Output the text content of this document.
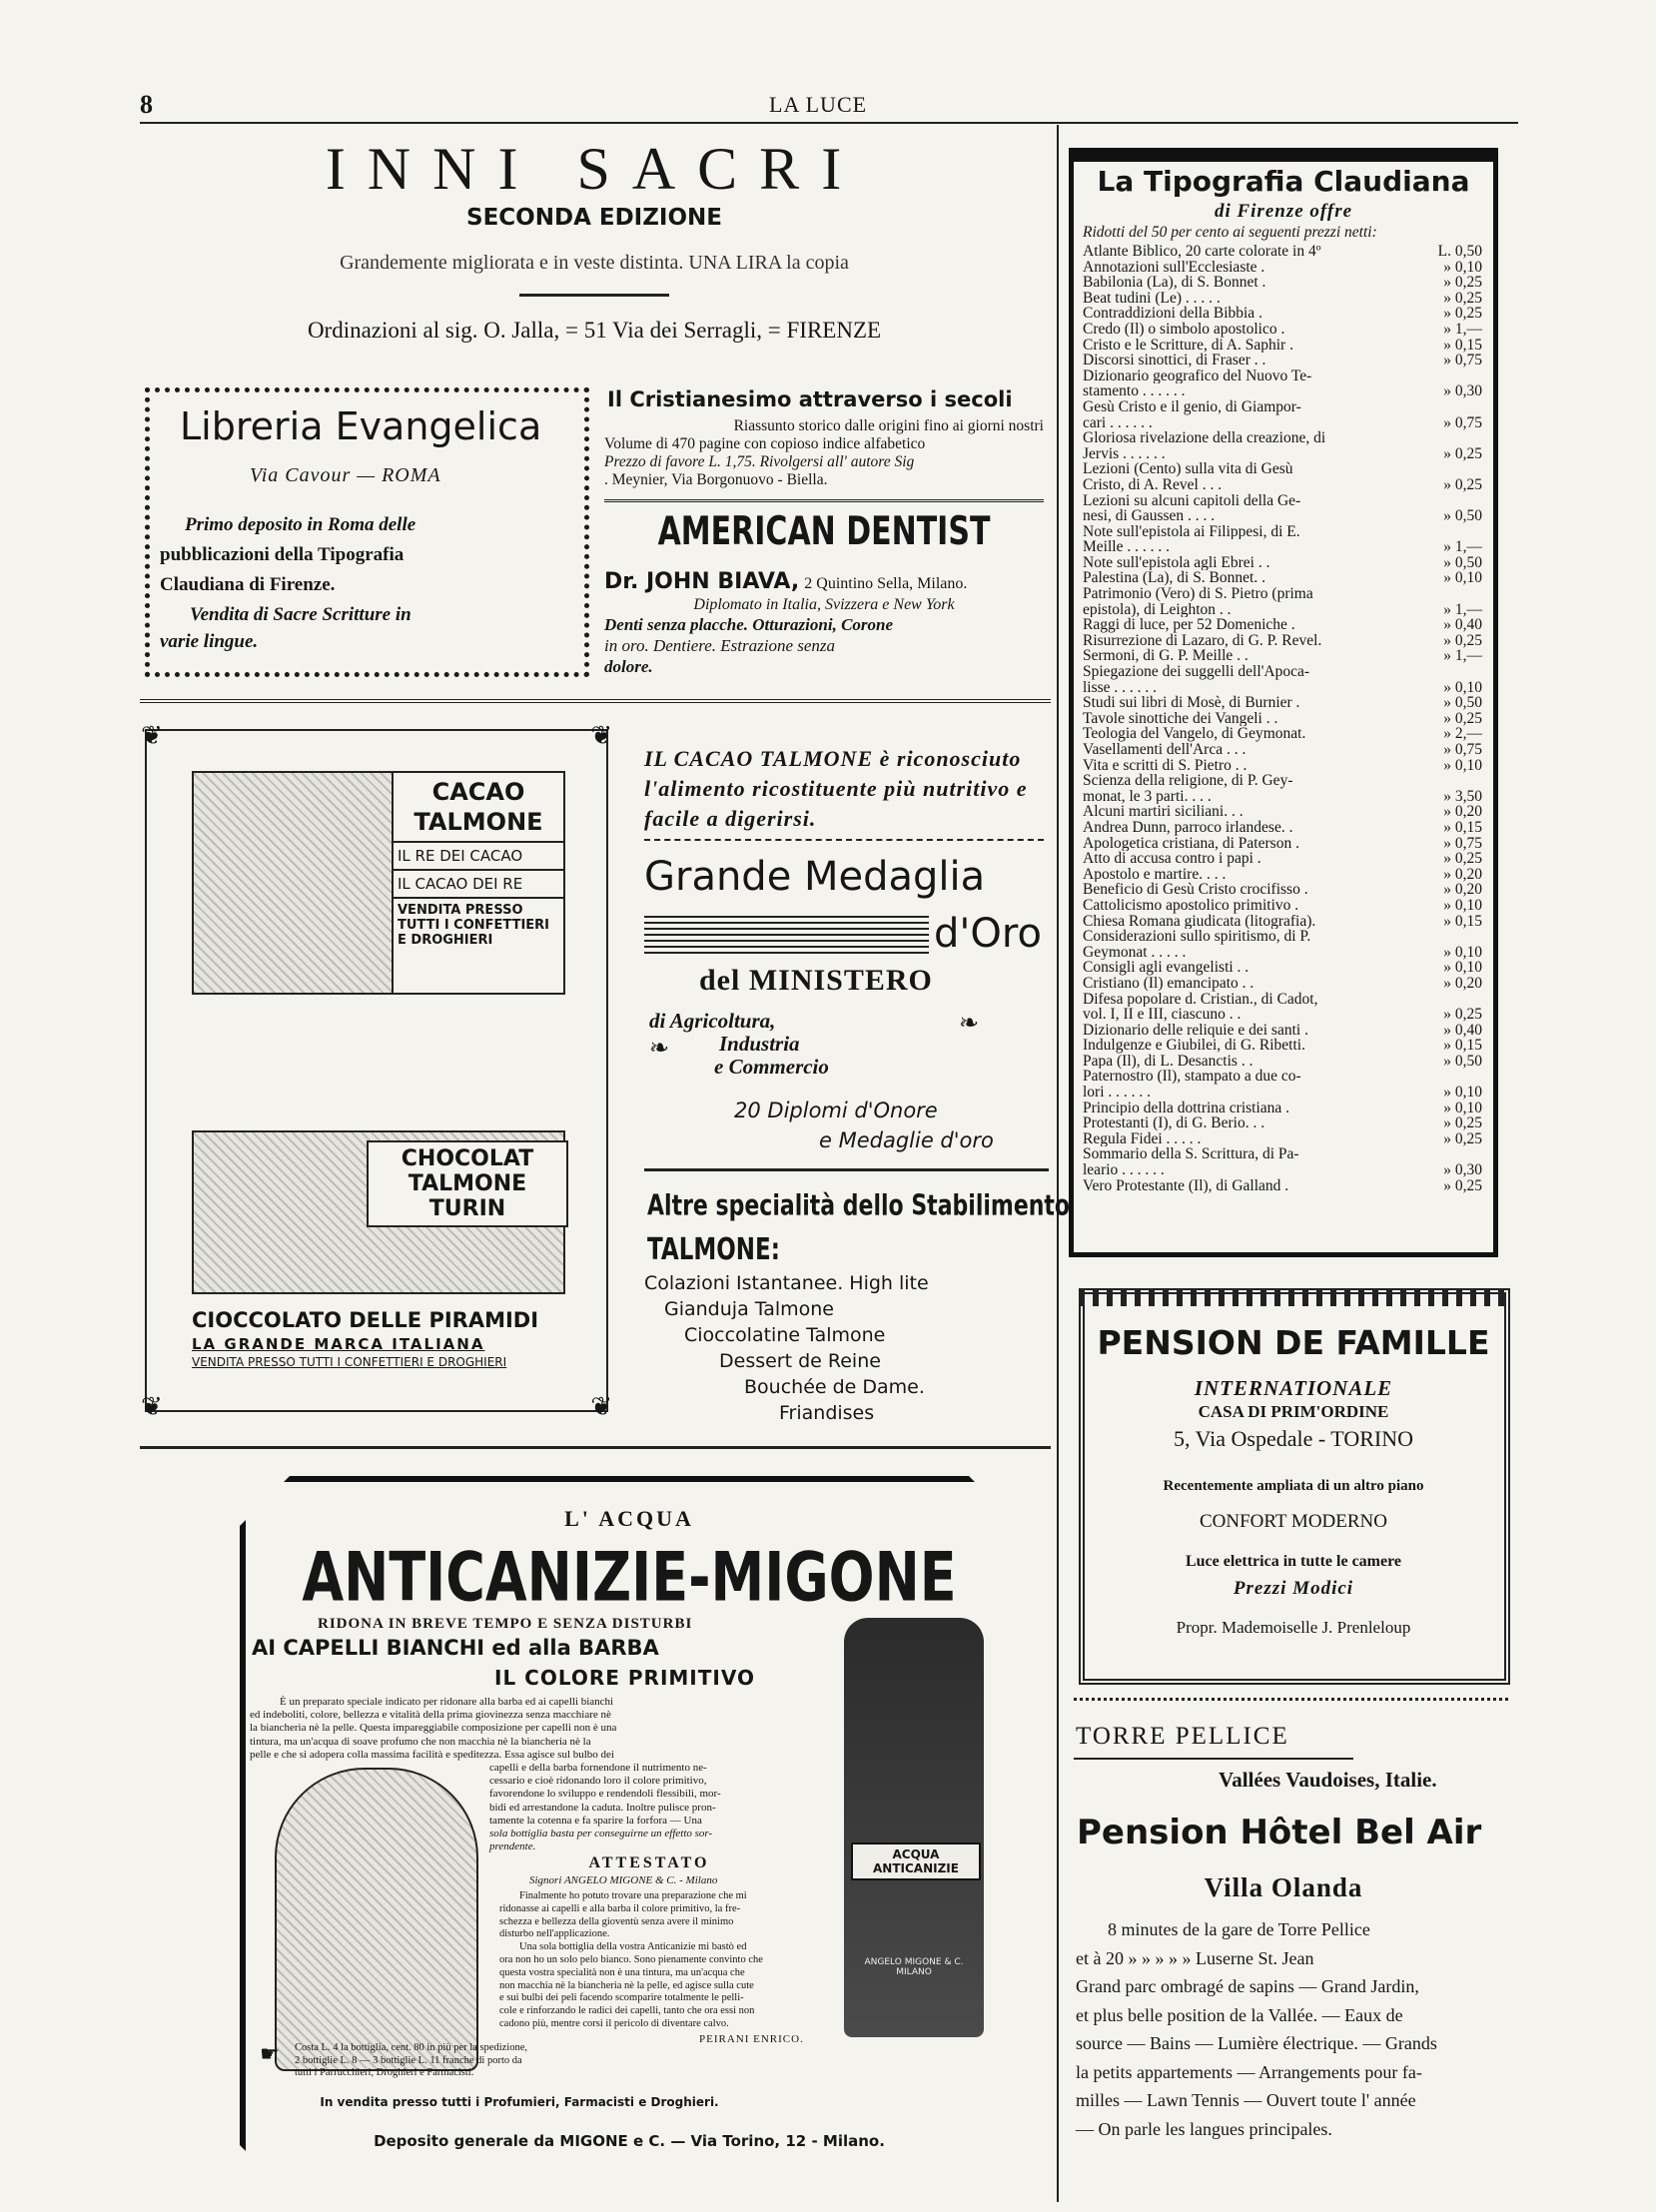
8	LA LUCE
INNI SACRI
SECONDA EDIZIONE
Grandemente migliorata e in veste distinta. UNA LIRA la copia
Ordinazioni al sig. O. Jalla, = 51 Via dei Serragli, = FIRENZE
Libreria Evangelica
Via Cavour — ROMA
Primo deposito in Roma delle
pubblicazioni della Tipografia
Claudiana di Firenze.
Vendita di Sacre Scritture in
varie lingue.
Il Cristianesimo attraverso i secoli
Riassunto storico dalle origini fino ai giorni nostri
Volume di 470 pagine con copioso indice alfabetico
Prezzo di favore L. 1,75. Rivolgersi all' autore Sig
. Meynier, Via Borgonuovo - Biella.
AMERICAN DENTIST
Dr. JOHN BIAVA, 2 Quintino Sella, Milano.
Diplomato in Italia, Svizzera e New York
Denti senza placche. Otturazioni, Corone
in oro. Dentiere. Estrazione senza
dolore.
❦	❦
❦	❦
CACAO TALMONE
IL RE DEI CACAO
IL CACAO DEI RE
VENDITA PRESSO TUTTI I CONFETTIERI E DROGHIERI
CHOCOLAT TALMONE TURIN
CIOCCOLATO DELLE PIRAMIDI
LA GRANDE MARCA ITALIANA
VENDITA PRESSO TUTTI I CONFETTIERI E DROGHIERI
IL CACAO TALMONE è riconosciuto l'alimento ricostituente più nutritivo e facile a digerirsi.
Grande Medaglia
d'Oro
del MINISTERO
di Agricoltura,
Industria
e Commercio
❧
❧
20 Diplomi d'Onore
e Medaglie d'oro
Altre specialità dello Stabilimento
TALMONE:
Colazioni Istantanee. High lite
Gianduja Talmone
Cioccolatine Talmone
Dessert de Reine
Bouchée de Dame.
Friandises
L' ACQUA
ANTICANIZIE-MIGONE
RIDONA IN BREVE TEMPO E SENZA DISTURBI
AI CAPELLI BIANCHI ed alla BARBA
IL COLORE PRIMITIVO
È un preparato speciale indicato per ridonare alla barba ed ai capelli bianchi
ed indeboliti, colore, bellezza e vitalità della prima giovinezza senza macchiare nè
la biancheria nè la pelle. Questa impareggiabile composizione per capelli non è una
tintura, ma un'acqua di soave profumo che non macchia nè la biancheria nè la
pelle e che si adopera colla massima facilità e speditezza. Essa agisce sul bulbo dei
capelli e della barba fornendone il nutrimento ne-
cessario e cioè ridonando loro il colore primitivo,
favorendone lo sviluppo e rendendoli flessibili, mor-
bidi ed arrestandone la caduta. Inoltre pulisce pron-
tamente la cotenna e fa sparire la forfora — Una
sola bottiglia basta per conseguirne un effetto sor-
prendente.
ATTESTATO
Signori ANGELO MIGONE & C. - Milano
Finalmente ho potuto trovare una preparazione che mi
ridonasse ai capelli e alla barba il colore primitivo, la fre-
schezza e bellezza della gioventù senza avere il minimo
disturbo nell'applicazione.
Una sola bottiglia della vostra Anticanizie mi bastò ed
ora non ho un solo pelo bianco. Sono pienamente convinto che
questa vostra specialità non è una tintura, ma un'acqua che
non macchia nè la biancheria nè la pelle, ed agisce sulla cute
e sui bulbi dei peli facendo scomparire totalmente le pelli-
cole e rinforzando le radici dei capelli, tanto che ora essi non
cadono più, mentre corsi il pericolo di diventare calvo.
PEIRANI ENRICO.
ACQUA ANTICANIZIE
ANGELO MIGONE & C. MILANO
☛ Costa L. 4 la bottiglia, cent. 80 in più per la spedizione,
2 bottiglie L. 8 — 3 bottiglie L. 11 franche di porto da
tutti i Parrucchieri, Droghieri e Farmacisti.
In vendita presso tutti i Profumieri, Farmacisti e Droghieri.
Deposito generale da MIGONE e C. — Via Torino, 12 - Milano.
La Tipografia Claudiana
di Firenze offre
Ridotti del 50 per cento ai seguenti prezzi netti:
Atlante Biblico, 20 carte colorate in 4º	L. 0,50
Annotazioni sull'Ecclesiaste .	» 0,10
Babilonia (La), di S. Bonnet .	» 0,25
Beat tudini (Le) . . . . .	» 0,25
Contraddizioni della Bibbia .	» 0,25
Credo (Il) o simbolo apostolico .	» 1,—
Cristo e le Scritture, di A. Saphir .	» 0,15
Discorsi sinottici, di Fraser . .	» 0,75
Dizionario geografico del Nuovo Te-
stamento . . . . . .	» 0,30
Gesù Cristo e il genio, di Giampor-
cari . . . . . .	» 0,75
Gloriosa rivelazione della creazione, di
Jervis . . . . . .	» 0,25
Lezioni (Cento) sulla vita di Gesù
Cristo, di A. Revel . . .	» 0,25
Lezioni su alcuni capitoli della Ge-
nesi, di Gaussen . . . .	» 0,50
Note sull'epistola ai Filippesi, di E.
Meille . . . . . .	» 1,—
Note sull'epistola agli Ebrei . .	» 0,50
Palestina (La), di S. Bonnet. .	» 0,10
Patrimonio (Vero) di S. Pietro (prima
epistola), di Leighton . .	» 1,—
Raggi di luce, per 52 Domeniche .	» 0,40
Risurrezione di Lazaro, di G. P. Revel.	» 0,25
Sermoni, di G. P. Meille . .	» 1,—
Spiegazione dei suggelli dell'Apoca-
lisse . . . . . .	» 0,10
Studi sui libri di Mosè, di Burnier .	» 0,50
Tavole sinottiche dei Vangeli . .	» 0,25
Teologia del Vangelo, di Geymonat.	» 2,—
Vasellamenti dell'Arca . . .	» 0,75
Vita e scritti di S. Pietro . .	» 0,10
Scienza della religione, di P. Gey-
monat, le 3 parti. . . .	» 3,50
Alcuni martiri siciliani. . .	» 0,20
Andrea Dunn, parroco irlandese. .	» 0,15
Apologetica cristiana, di Paterson .	» 0,75
Atto di accusa contro i papi .	» 0,25
Apostolo e martire. . . .	» 0,20
Beneficio di Gesù Cristo crocifisso .	» 0,20
Cattolicismo apostolico primitivo .	» 0,10
Chiesa Romana giudicata (litografia).	» 0,15
Considerazioni sullo spiritismo, di P.
Geymonat . . . . .	» 0,10
Consigli agli evangelisti . .	» 0,10
Cristiano (Il) emancipato . .	» 0,20
Difesa popolare d. Cristian., di Cadot,
vol. I, II e III, ciascuno . .	» 0,25
Dizionario delle reliquie e dei santi .	» 0,40
Indulgenze e Giubilei, di G. Ribetti.	» 0,15
Papa (Il), di L. Desanctis . .	» 0,50
Paternostro (Il), stampato a due co-
lori . . . . . .	» 0,10
Principio della dottrina cristiana .	» 0,10
Protestanti (I), di G. Berio. . .	» 0,25
Regula Fidei . . . . .	» 0,25
Sommario della S. Scrittura, di Pa-
leario . . . . . .	» 0,30
Vero Protestante (Il), di Galland .	» 0,25
PENSION DE FAMILLE
INTERNATIONALE
CASA DI PRIM'ORDINE
5, Via Ospedale - TORINO
Recentemente ampliata di un altro piano
CONFORT MODERNO
Luce elettrica in tutte le camere
Prezzi Modici
Propr. Mademoiselle J. Prenleloup
TORRE PELLICE
Vallées Vaudoises, Italie.
Pension Hôtel Bel Air
Villa Olanda
8 minutes de la gare de Torre Pellice
et à 20 » » » » » Luserne St. Jean
Grand parc ombragé de sapins — Grand Jardin,
et plus belle position de la Vallée. — Eaux de
source — Bains — Lumière électrique. — Grands
la petits appartements — Arrangements pour fa-
milles — Lawn Tennis — Ouvert toute l' année
— On parle les langues principales.
